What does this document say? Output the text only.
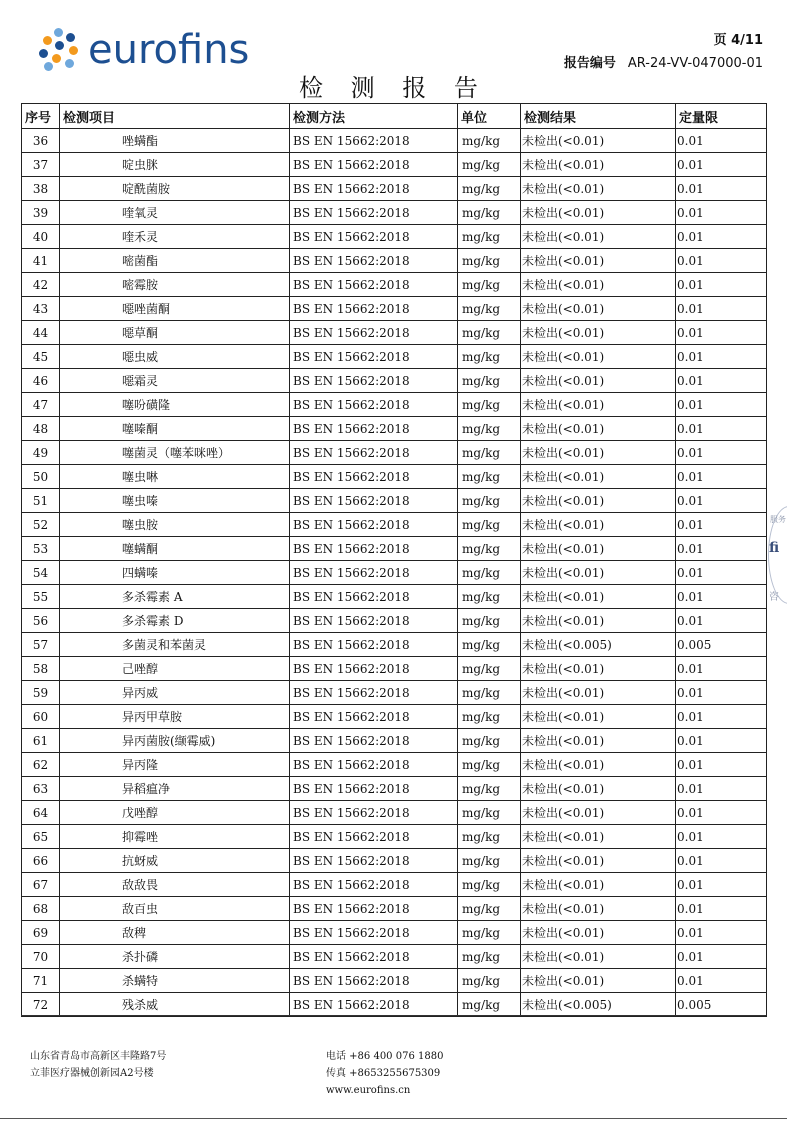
eurofins	页 4/11
报告编号 AR-24-VV-047000-01
检 测 报 告
序号	检测项目	检测方法	单位	检测结果	定量限
36	唑螨酯	BS EN 15662:2018	mg/kg	未检出(<0.01)	0.01
37	啶虫脒	BS EN 15662:2018	mg/kg	未检出(<0.01)	0.01
38	啶酰菌胺	BS EN 15662:2018	mg/kg	未检出(<0.01)	0.01
39	喹氧灵	BS EN 15662:2018	mg/kg	未检出(<0.01)	0.01
40	喹禾灵	BS EN 15662:2018	mg/kg	未检出(<0.01)	0.01
41	嘧菌酯	BS EN 15662:2018	mg/kg	未检出(<0.01)	0.01
42	嘧霉胺	BS EN 15662:2018	mg/kg	未检出(<0.01)	0.01
43	噁唑菌酮	BS EN 15662:2018	mg/kg	未检出(<0.01)	0.01
44	噁草酮	BS EN 15662:2018	mg/kg	未检出(<0.01)	0.01
45	噁虫威	BS EN 15662:2018	mg/kg	未检出(<0.01)	0.01
46	噁霜灵	BS EN 15662:2018	mg/kg	未检出(<0.01)	0.01
47	噻吩磺隆	BS EN 15662:2018	mg/kg	未检出(<0.01)	0.01
48	噻嗪酮	BS EN 15662:2018	mg/kg	未检出(<0.01)	0.01
49	噻菌灵（噻苯咪唑）	BS EN 15662:2018	mg/kg	未检出(<0.01)	0.01
50	噻虫啉	BS EN 15662:2018	mg/kg	未检出(<0.01)	0.01
51	噻虫嗪	BS EN 15662:2018	mg/kg	未检出(<0.01)	0.01
52	噻虫胺	BS EN 15662:2018	mg/kg	未检出(<0.01)	0.01
53	噻螨酮	BS EN 15662:2018	mg/kg	未检出(<0.01)	0.01
54	四螨嗪	BS EN 15662:2018	mg/kg	未检出(<0.01)	0.01
55	多杀霉素 A	BS EN 15662:2018	mg/kg	未检出(<0.01)	0.01
56	多杀霉素 D	BS EN 15662:2018	mg/kg	未检出(<0.01)	0.01
57	多菌灵和苯菌灵	BS EN 15662:2018	mg/kg	未检出(<0.005)	0.005
58	己唑醇	BS EN 15662:2018	mg/kg	未检出(<0.01)	0.01
59	异丙威	BS EN 15662:2018	mg/kg	未检出(<0.01)	0.01
60	异丙甲草胺	BS EN 15662:2018	mg/kg	未检出(<0.01)	0.01
61	异丙菌胺(缬霉威)	BS EN 15662:2018	mg/kg	未检出(<0.01)	0.01
62	异丙隆	BS EN 15662:2018	mg/kg	未检出(<0.01)	0.01
63	异稻瘟净	BS EN 15662:2018	mg/kg	未检出(<0.01)	0.01
64	戊唑醇	BS EN 15662:2018	mg/kg	未检出(<0.01)	0.01
65	抑霉唑	BS EN 15662:2018	mg/kg	未检出(<0.01)	0.01
66	抗蚜威	BS EN 15662:2018	mg/kg	未检出(<0.01)	0.01
67	敌敌畏	BS EN 15662:2018	mg/kg	未检出(<0.01)	0.01
68	敌百虫	BS EN 15662:2018	mg/kg	未检出(<0.01)	0.01
69	敌稗	BS EN 15662:2018	mg/kg	未检出(<0.01)	0.01
70	杀扑磷	BS EN 15662:2018	mg/kg	未检出(<0.01)	0.01
71	杀螨特	BS EN 15662:2018	mg/kg	未检出(<0.01)	0.01
72	残杀威	BS EN 15662:2018	mg/kg	未检出(<0.005)	0.005
服务
fi
咨
山东省青岛市高新区丰隆路7号
立菲医疗器械创新园A2号楼
电话 +86 400 076 1880
传真 +8653255675309
www.eurofins.cn
